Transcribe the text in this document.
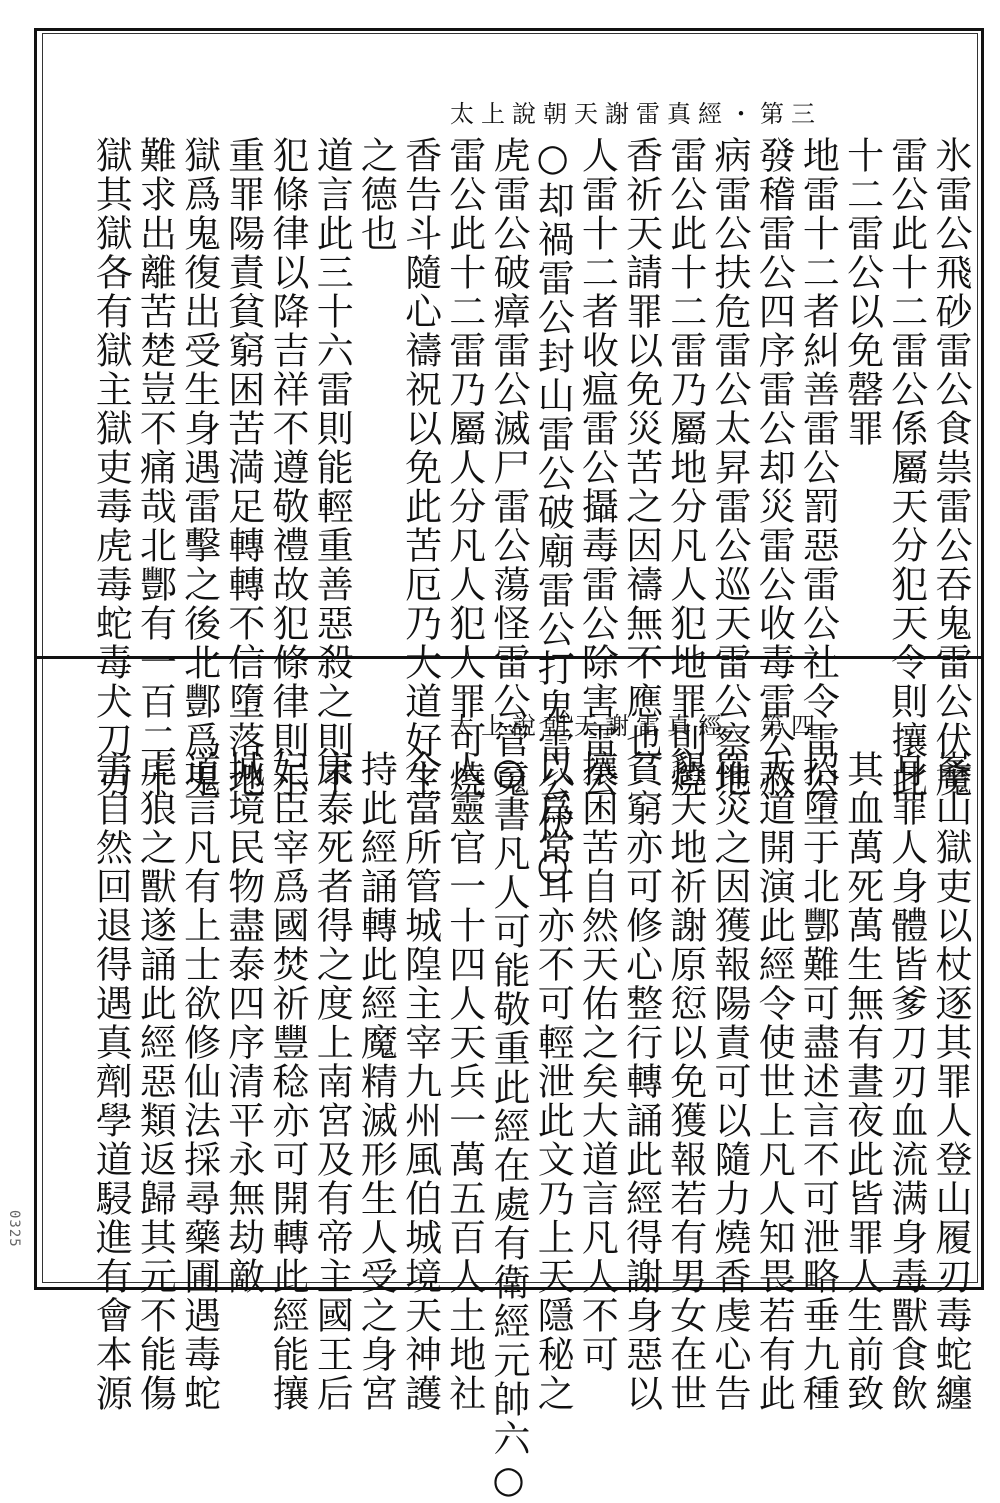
0325
太上說朝天謝雷真經・第三
氷雷公飛砂雷公食祟雷公吞鬼雷公伏魔
雷公此十二雷公係屬天分犯天令則攘此
十二雷公以免罄罪
地雷十二者糾善雷公罰惡雷公社令雷公
發稽雷公四序雷公却災雷公收毒雷公赦
病雷公扶危雷公太昇雷公巡天雷公察地
雷公此十二雷乃屬地分凡人犯地罪則燒
香祈天請罪以免災苦之因禱無不應也
人雷十二者收瘟雷公攝毒雷公除害雷公
○却禍雷公封山雷公破廟雷公打鬼雷公伏○
虎雷公破瘴雷公滅尸雷公蕩怪雷公管䰟
雷公此十二雷乃屬人分凡人犯人罪可燒
香告斗隨心禱祝以免此苦厄乃大道好生
之德也
道言此三十六雷則能輕重善惡殺之則不
犯條律以降吉祥不遵敬禮故犯條律則示
重罪陽責貧窮困苦満足轉轉不信墮落地
獄爲鬼復出受生身遇雷擊之後北酆爲鬼
難求出離苦楚豈不痛哉北酆有一百二十
獄其獄各有獄主獄吏毒虎毒蛇毒犬刀刃	太上說朝天謝雷真經　第四
峯山獄吏以杖逐其罪人登山履刃毒蛇纏
身罪人身體皆爹刀刃血流满身毒獸食飲
其血萬死萬生無有晝夜此皆罪人生前致
招墮于北酆難可盡述言不可泄略垂九種
大道開演此經令使世上凡人知畏若有此
罹災之因獲報陽責可以隨力燒香虔心告
懇天地祈謝原愆以免獲報若有男女在世
貧窮亦可修心整行轉誦此經得謝身惡以
攘困苦自然天佑之矣大道言凡人不可
以爲常耳亦不可輕泄此文乃上天隱秘之
○書凡人可能敬重此經在處有衛經元帥六○
人靈官一十四人天兵一萬五百人土地社
令當所管城隍主宰九州風伯城境天神護
持此經誦轉此經魔精滅形生人受之身宮
康泰死者得之度上南宮及有帝主國王后
妃臣宰爲國焚祈豐稔亦可開轉此經能攘
城境民物盡泰四序清平永無劫敵
道言凡有上士欲修仙法採尋藥圃遇毒蛇
虎狼之獸遂誦此經惡類返歸其元不能傷
害自然回退得遇真劑學道駸進有會本源
